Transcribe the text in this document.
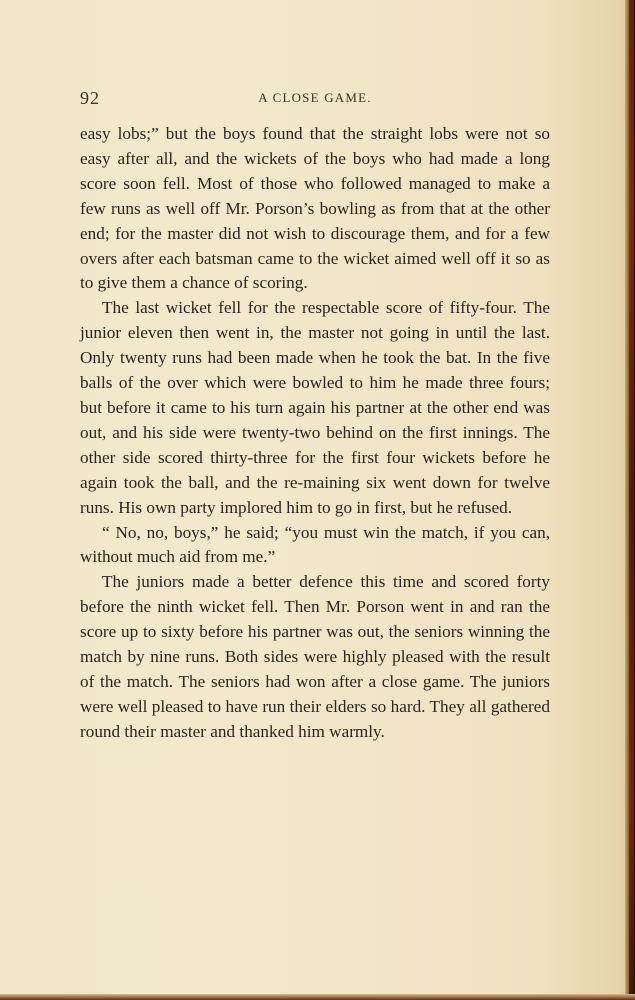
92	A CLOSE GAME.

easy lobs;” but the boys found that the straight lobs were not so easy after all, and the wickets of the boys who had made a long score soon fell. Most of those who followed managed to make a few runs as well off Mr. Porson’s bowling as from that at the other end; for the master did not wish to discourage them, and for a few overs after each batsman came to the wicket aimed well off it so as to give them a chance of scoring.

The last wicket fell for the respectable score of fifty-four. The junior eleven then went in, the master not going in until the last. Only twenty runs had been made when he took the bat. In the five balls of the over which were bowled to him he made three fours; but before it came to his turn again his partner at the other end was out, and his side were twenty-two behind on the first innings. The other side scored thirty-three for the first four wickets before he again took the ball, and the re-maining six went down for twelve runs. His own party implored him to go in first, but he refused.

“ No, no, boys,” he said; “you must win the match, if you can, without much aid from me.”

The juniors made a better defence this time and scored forty before the ninth wicket fell. Then Mr. Porson went in and ran the score up to sixty before his partner was out, the seniors winning the match by nine runs. Both sides were highly pleased with the result of the match. The seniors had won after a close game. The juniors were well pleased to have run their elders so hard. They all gathered round their master and thanked him warmly.
